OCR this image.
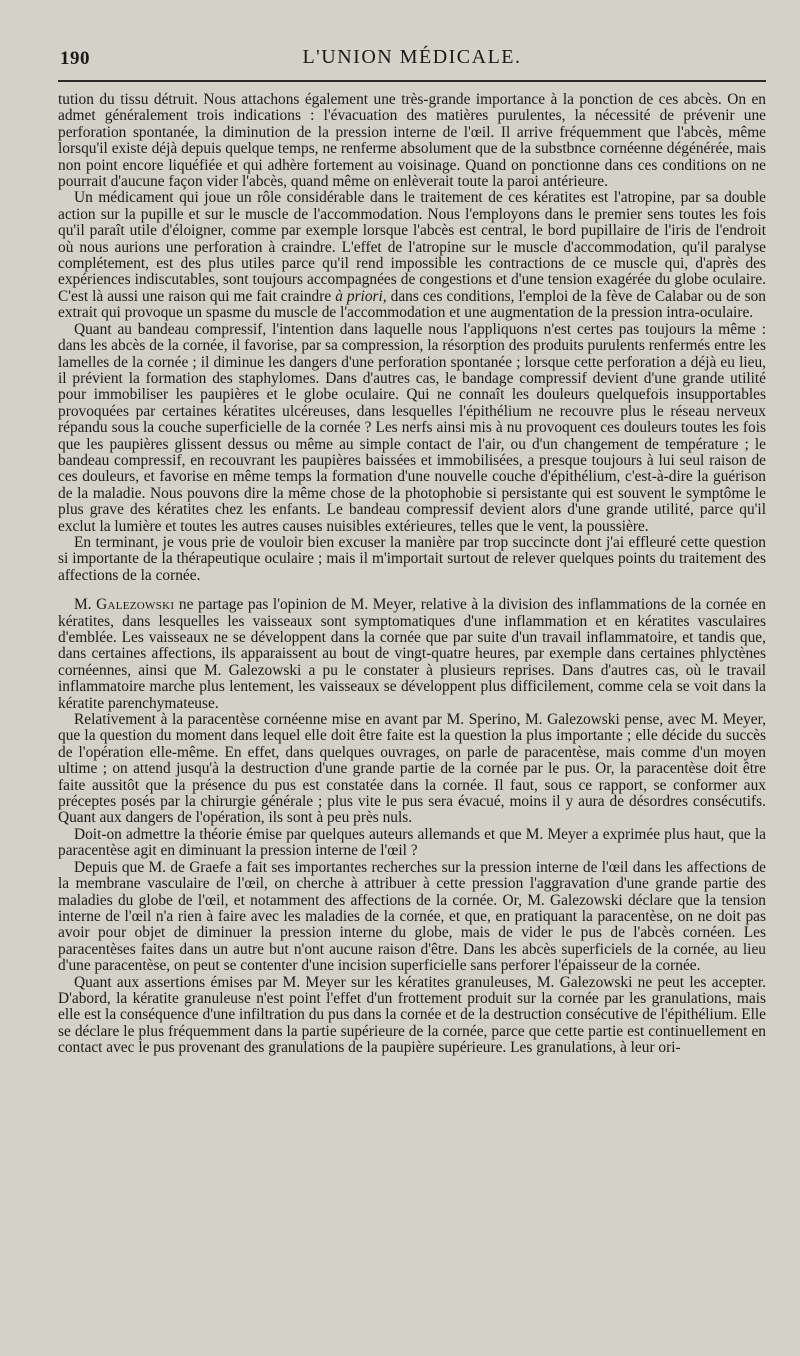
190	L'UNION MÉDICALE.

tution du tissu détruit. Nous attachons également une très-grande importance à la ponction de ces abcès. On en admet généralement trois indications : l'évacuation des matières purulentes, la nécessité de prévenir une perforation spontanée, la diminution de la pression interne de l'œil. Il arrive fréquemment que l'abcès, même lorsqu'il existe déjà depuis quelque temps, ne renferme absolument que de la substbnce cornéenne dégénérée, mais non point encore liquéfiée et qui adhère fortement au voisinage. Quand on ponctionne dans ces conditions on ne pourrait d'aucune façon vider l'abcès, quand même on enlèverait toute la paroi antérieure.

Un médicament qui joue un rôle considérable dans le traitement de ces kératites est l'atropine, par sa double action sur la pupille et sur le muscle de l'accommodation. Nous l'employons dans le premier sens toutes les fois qu'il paraît utile d'éloigner, comme par exemple lorsque l'abcès est central, le bord pupillaire de l'iris de l'endroit où nous aurions une perforation à craindre. L'effet de l'atropine sur le muscle d'accommodation, qu'il paralyse complétement, est des plus utiles parce qu'il rend impossible les contractions de ce muscle qui, d'après des expériences indiscutables, sont toujours accompagnées de congestions et d'une tension exagérée du globe oculaire. C'est là aussi une raison qui me fait craindre à priori, dans ces conditions, l'emploi de la fève de Calabar ou de son extrait qui provoque un spasme du muscle de l'accommodation et une augmentation de la pression intra-oculaire.

Quant au bandeau compressif, l'intention dans laquelle nous l'appliquons n'est certes pas toujours la même : dans les abcès de la cornée, il favorise, par sa compression, la résorption des produits purulents renfermés entre les lamelles de la cornée ; il diminue les dangers d'une perforation spontanée ; lorsque cette perforation a déjà eu lieu, il prévient la formation des staphylomes. Dans d'autres cas, le bandage compressif devient d'une grande utilité pour immobiliser les paupières et le globe oculaire. Qui ne connaît les douleurs quelquefois insupportables provoquées par certaines kératites ulcéreuses, dans lesquelles l'épithélium ne recouvre plus le réseau nerveux répandu sous la couche superficielle de la cornée ? Les nerfs ainsi mis à nu provoquent ces douleurs toutes les fois que les paupières glissent dessus ou même au simple contact de l'air, ou d'un changement de température ; le bandeau compressif, en recouvrant les paupières baissées et immobilisées, a presque toujours à lui seul raison de ces douleurs, et favorise en même temps la formation d'une nouvelle couche d'épithélium, c'est-à-dire la guérison de la maladie. Nous pouvons dire la même chose de la photophobie si persistante qui est souvent le symptôme le plus grave des kératites chez les enfants. Le bandeau compressif devient alors d'une grande utilité, parce qu'il exclut la lumière et toutes les autres causes nuisibles extérieures, telles que le vent, la poussière.

En terminant, je vous prie de vouloir bien excuser la manière par trop succincte dont j'ai effleuré cette question si importante de la thérapeutique oculaire ; mais il m'importait surtout de relever quelques points du traitement des affections de la cornée.

M. Galezowski ne partage pas l'opinion de M. Meyer, relative à la division des inflammations de la cornée en kératites, dans lesquelles les vaisseaux sont symptomatiques d'une inflammation et en kératites vasculaires d'emblée. Les vaisseaux ne se développent dans la cornée que par suite d'un travail inflammatoire, et tandis que, dans certaines affections, ils apparaissent au bout de vingt-quatre heures, par exemple dans certaines phlyctènes cornéennes, ainsi que M. Galezowski a pu le constater à plusieurs reprises. Dans d'autres cas, où le travail inflammatoire marche plus lentement, les vaisseaux se développent plus difficilement, comme cela se voit dans la kératite parenchymateuse.

Relativement à la paracentèse cornéenne mise en avant par M. Sperino, M. Galezowski pense, avec M. Meyer, que la question du moment dans lequel elle doit être faite est la question la plus importante ; elle décide du succès de l'opération elle-même. En effet, dans quelques ouvrages, on parle de paracentèse, mais comme d'un moyen ultime ; on attend jusqu'à la destruction d'une grande partie de la cornée par le pus. Or, la paracentèse doit être faite aussitôt que la présence du pus est constatée dans la cornée. Il faut, sous ce rapport, se conformer aux préceptes posés par la chirurgie générale ; plus vite le pus sera évacué, moins il y aura de désordres consécutifs. Quant aux dangers de l'opération, ils sont à peu près nuls.

Doit-on admettre la théorie émise par quelques auteurs allemands et que M. Meyer a exprimée plus haut, que la paracentèse agit en diminuant la pression interne de l'œil ?

Depuis que M. de Graefe a fait ses importantes recherches sur la pression interne de l'œil dans les affections de la membrane vasculaire de l'œil, on cherche à attribuer à cette pression l'aggravation d'une grande partie des maladies du globe de l'œil, et notamment des affections de la cornée. Or, M. Galezowski déclare que la tension interne de l'œil n'a rien à faire avec les maladies de la cornée, et que, en pratiquant la paracentèse, on ne doit pas avoir pour objet de diminuer la pression interne du globe, mais de vider le pus de l'abcès cornéen. Les paracentèses faites dans un autre but n'ont aucune raison d'être. Dans les abcès superficiels de la cornée, au lieu d'une paracentèse, on peut se contenter d'une incision superficielle sans perforer l'épaisseur de la cornée.

Quant aux assertions émises par M. Meyer sur les kératites granuleuses, M. Galezowski ne peut les accepter. D'abord, la kératite granuleuse n'est point l'effet d'un frottement produit sur la cornée par les granulations, mais elle est la conséquence d'une infiltration du pus dans la cornée et de la destruction consécutive de l'épithélium. Elle se déclare le plus fréquemment dans la partie supérieure de la cornée, parce que cette partie est continuellement en contact avec le pus provenant des granulations de la paupière supérieure. Les granulations, à leur ori-
